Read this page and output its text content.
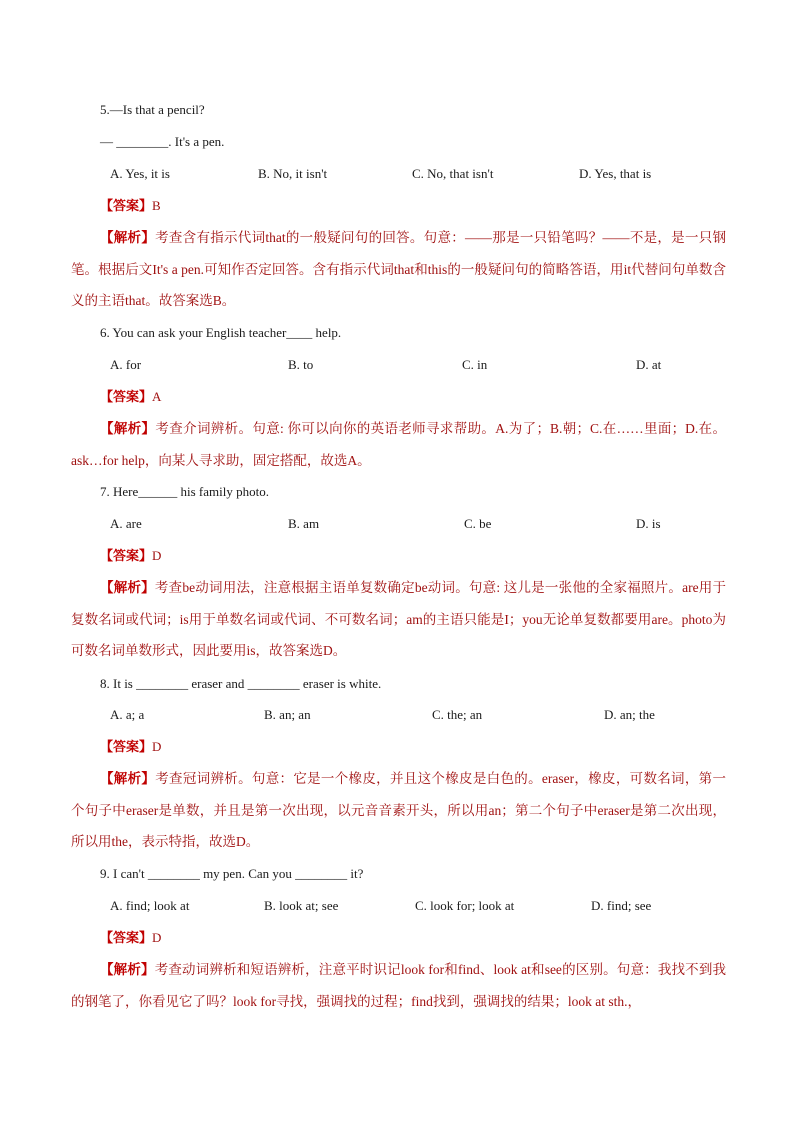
5.—Is that a pencil?
— ________. It's a pen.
A. Yes, it is	B. No, it isn't	C. No, that isn't	D. Yes, that is
【答案】B

【解析】考查含有指示代词that的一般疑问句的回答。句意：——那是一只铅笔吗？——不是，是一只钢笔。根据后文It's a pen.可知作否定回答。含有指示代词that和this的一般疑问句的简略答语，用it代替问句单数含义的主语that。故答案选B。

6. You can ask your English teacher____ help.
A. for	B. to	C. in	D. at
【答案】A

【解析】考查介词辨析。句意: 你可以向你的英语老师寻求帮助。A.为了；B.朝；C.在……里面；D.在。ask…for help，向某人寻求助，固定搭配，故选A。

7. Here______ his family photo.
A. are	B. am	C. be	D. is
【答案】D

【解析】考查be动词用法，注意根据主语单复数确定be动词。句意: 这儿是一张他的全家福照片。are用于复数名词或代词；is用于单数名词或代词、不可数名词；am的主语只能是I；you无论单复数都要用are。photo为可数名词单数形式，因此要用is，故答案选D。

8. It is ________ eraser and ________ eraser is white.
A. a; a	B. an; an	C. the; an	D. an; the
【答案】D

【解析】考查冠词辨析。句意：它是一个橡皮，并且这个橡皮是白色的。eraser，橡皮，可数名词，第一个句子中eraser是单数，并且是第一次出现，以元音音素开头，所以用an；第二个句子中eraser是第二次出现，所以用the，表示特指，故选D。

9. I can't ________ my pen. Can you ________ it?
A. find; look at	B. look at; see	C. look for; look at	D. find; see
【答案】D

【解析】考查动词辨析和短语辨析，注意平时识记look for和find、look at和see的区别。句意：我找不到我的钢笔了，你看见它了吗？look for寻找，强调找的过程；find找到，强调找的结果；look at sth.，
